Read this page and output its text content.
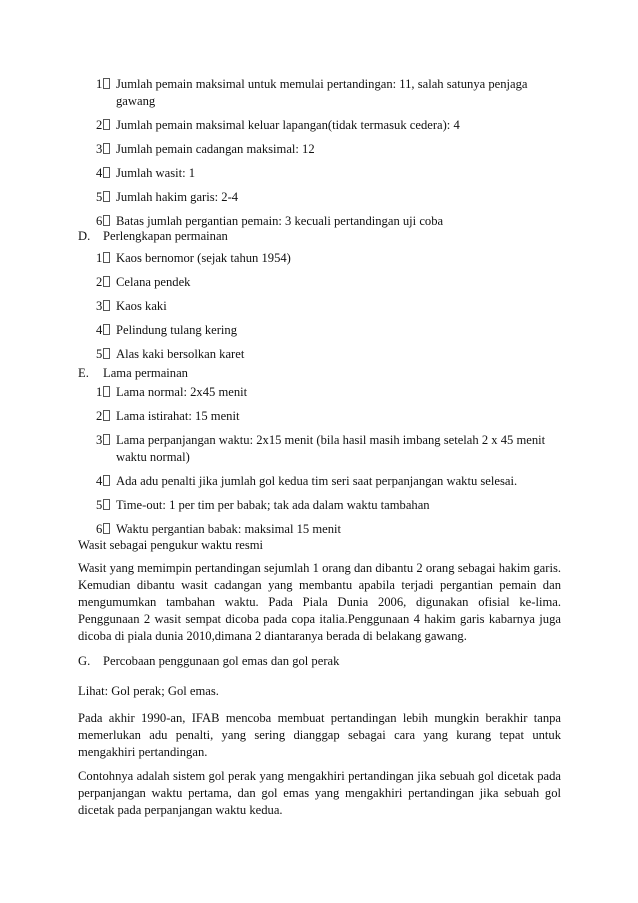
1	Jumlah pemain maksimal untuk memulai pertandingan: 11, salah satunya penjaga gawang
2	Jumlah pemain maksimal keluar lapangan(tidak termasuk cedera): 4
3	Jumlah pemain cadangan maksimal: 12
4	Jumlah wasit: 1
5	Jumlah hakim garis: 2-4
6	Batas jumlah pergantian pemain: 3 kecuali pertandingan uji coba
D. Perlengkapan permainan
1	Kaos bernomor (sejak tahun 1954)
2	Celana pendek
3	Kaos kaki
4	Pelindung tulang kering
5	Alas kaki bersolkan karet
E. Lama permainan
1	Lama normal: 2x45 menit
2	Lama istirahat: 15 menit
3	Lama perpanjangan waktu: 2x15 menit (bila hasil masih imbang setelah 2 x 45 menit waktu normal)
4	Ada adu penalti jika jumlah gol kedua tim seri saat perpanjangan waktu selesai.
5	Time-out: 1 per tim per babak; tak ada dalam waktu tambahan
6	Waktu pergantian babak: maksimal 15 menit
Wasit sebagai pengukur waktu resmi
Wasit yang memimpin pertandingan sejumlah 1 orang dan dibantu 2 orang sebagai hakim garis. Kemudian dibantu wasit cadangan yang membantu apabila terjadi pergantian pemain dan mengumumkan tambahan waktu. Pada Piala Dunia 2006, digunakan ofisial ke-lima. Penggunaan 2 wasit sempat dicoba pada copa italia.Penggunaan 4 hakim garis kabarnya juga dicoba di piala dunia 2010,dimana 2 diantaranya berada di belakang gawang.
G. Percobaan penggunaan gol emas dan gol perak
Lihat: Gol perak; Gol emas.
Pada akhir 1990-an, IFAB mencoba membuat pertandingan lebih mungkin berakhir tanpa memerlukan adu penalti, yang sering dianggap sebagai cara yang kurang tepat untuk mengakhiri pertandingan.
Contohnya adalah sistem gol perak yang mengakhiri pertandingan jika sebuah gol dicetak pada perpanjangan waktu pertama, dan gol emas yang mengakhiri pertandingan jika sebuah gol dicetak pada perpanjangan waktu kedua.
